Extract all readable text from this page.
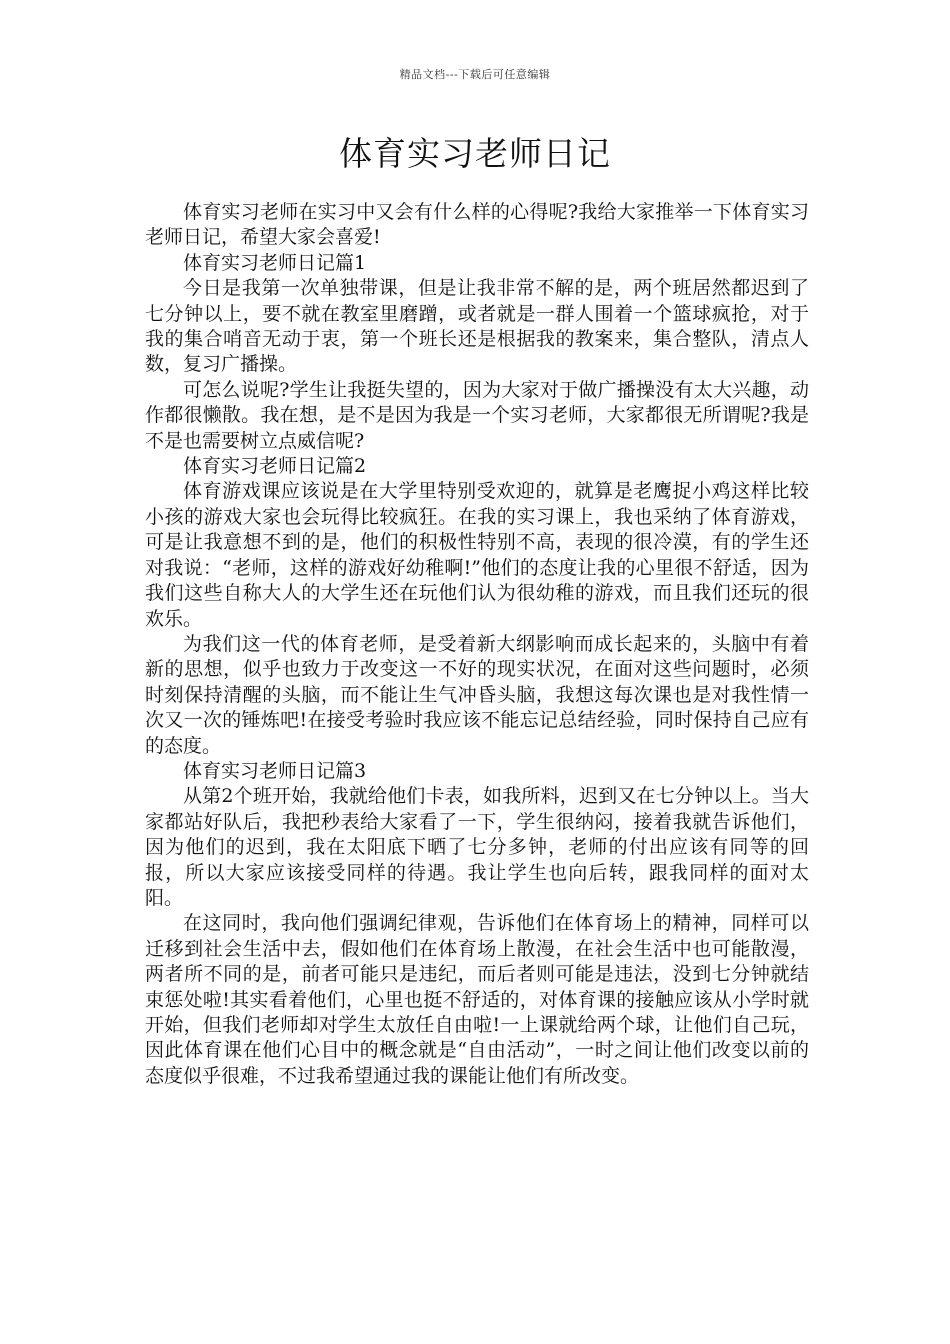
精品文档---下载后可任意编辑
体育实习老师日记

体育实习老师在实习中又会有什么样的心得呢?我给大家推举一下体育实习老师日记，希望大家会喜爱!

体育实习老师日记篇1

今日是我第一次单独带课，但是让我非常不解的是，两个班居然都迟到了七分钟以上，要不就在教室里磨蹭，或者就是一群人围着一个篮球疯抢，对于我的集合哨音无动于衷，第一个班长还是根据我的教案来，集合整队，清点人数，复习广播操。

可怎么说呢?学生让我挺失望的，因为大家对于做广播操没有太大兴趣，动作都很懒散。我在想，是不是因为我是一个实习老师，大家都很无所谓呢?我是不是也需要树立点威信呢?

体育实习老师日记篇2

体育游戏课应该说是在大学里特别受欢迎的，就算是老鹰捉小鸡这样比较小孩的游戏大家也会玩得比较疯狂。在我的实习课上，我也采纳了体育游戏，可是让我意想不到的是，他们的积极性特别不高，表现的很冷漠，有的学生还对我说：“老师，这样的游戏好幼稚啊!”他们的态度让我的心里很不舒适，因为我们这些自称大人的大学生还在玩他们认为很幼稚的游戏，而且我们还玩的很欢乐。

为我们这一代的体育老师，是受着新大纲影响而成长起来的，头脑中有着新的思想，似乎也致力于改变这一不好的现实状况，在面对这些问题时，必须时刻保持清醒的头脑，而不能让生气冲昏头脑，我想这每次课也是对我性情一次又一次的锤炼吧!在接受考验时我应该不能忘记总结经验，同时保持自己应有的态度。

体育实习老师日记篇3

从第2个班开始，我就给他们卡表，如我所料，迟到又在七分钟以上。当大家都站好队后，我把秒表给大家看了一下，学生很纳闷，接着我就告诉他们，因为他们的迟到，我在太阳底下晒了七分多钟，老师的付出应该有同等的回报，所以大家应该接受同样的待遇。我让学生也向后转，跟我同样的面对太阳。

在这同时，我向他们强调纪律观，告诉他们在体育场上的精神，同样可以迁移到社会生活中去，假如他们在体育场上散漫，在社会生活中也可能散漫，两者所不同的是，前者可能只是违纪，而后者则可能是违法，没到七分钟就结束惩处啦!其实看着他们，心里也挺不舒适的，对体育课的接触应该从小学时就开始，但我们老师却对学生太放任自由啦!一上课就给两个球，让他们自己玩，因此体育课在他们心目中的概念就是“自由活动”，一时之间让他们改变以前的态度似乎很难，不过我希望通过我的课能让他们有所改变。
